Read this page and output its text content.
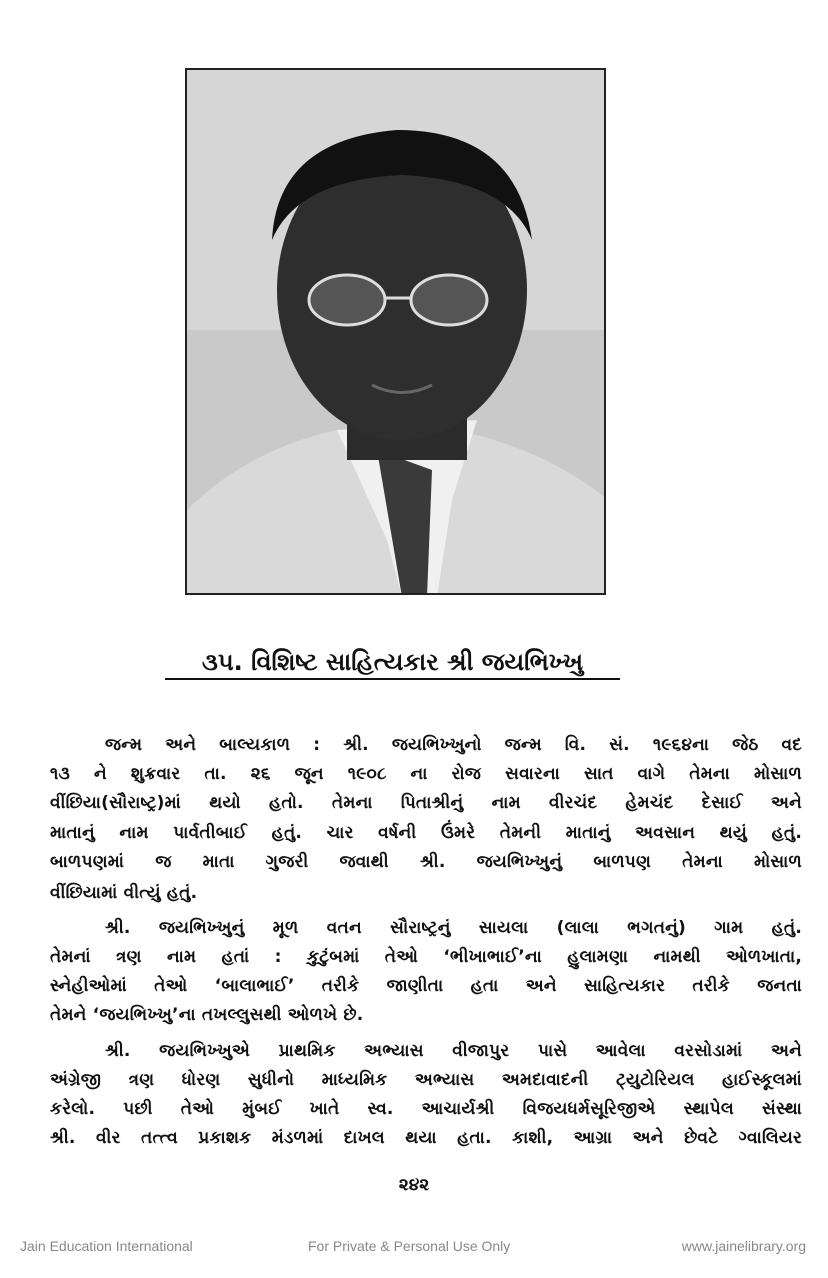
૩૫. વિશિષ્ટ સાહિત્યકાર શ્રી જયભિખ્ખુ
જન્મ અને બાલ્યકાળ : શ્રી. જયભિખ્ખુનો જન્મ વિ. સં. ૧૯૬૪ના જેઠ વદ
૧૩ ને શુક્રવાર તા. ૨૬ જૂન ૧૯૦૮ ના રોજ સવારના સાત વાગે તેમના મોસાળ
વીંછિયા(સૌરાષ્ટ્ર)માં થયો હતો. તેમના પિતાશ્રીનું નામ વીરચંદ હેમચંદ દેસાઈ અને
માતાનું નામ પાર્વતીબાઈ હતું. ચાર વર્ષની ઉંમરે તેમની માતાનું અવસાન થયું હતું.
બાળપણમાં જ માતા ગુજરી જવાથી શ્રી. જયભિખ્ખુનું બાળપણ તેમના મોસાળ
વીંછિયામાં વીત્યું હતું.
શ્રી. જયભિખ્ખુનું મૂળ વતન સૌરાષ્ટ્રનું સાયલા (લાલા ભગતનું) ગામ હતું.
તેમનાં ત્રણ નામ હતાં : કુટુંબમાં તેઓ ‘ભીખાભાઈ’ના હુલામણા નામથી ઓળખાતા,
સ્નેહીઓમાં તેઓ ‘બાલાભાઈ’ તરીકે જાણીતા હતા અને સાહિત્યકાર તરીકે જનતા
તેમને ‘જયભિખ્ખુ’ના તખલ્લુસથી ઓળખે છે.
શ્રી. જયભિખ્ખુએ પ્રાથમિક અભ્યાસ વીજાપુર પાસે આવેલા વરસોડામાં અને
અંગ્રેજી ત્રણ ધોરણ સુધીનો માધ્યમિક અભ્યાસ અમદાવાદની ટ્યુટોરિયલ હાઈસ્કૂલમાં
કરેલો. પછી તેઓ મુંબઈ ખાતે સ્વ. આચાર્યશ્રી વિજયધર્મસૂરિજીએ સ્થાપેલ સંસ્થા
શ્રી. વીર તત્ત્વ પ્રકાશક મંડળમાં દાખલ થયા હતા. કાશી, આગ્રા અને છેવટે ગ્વાલિયર
૨૪૨
Jain Education International	For Private & Personal Use Only	www.jainelibrary.org
